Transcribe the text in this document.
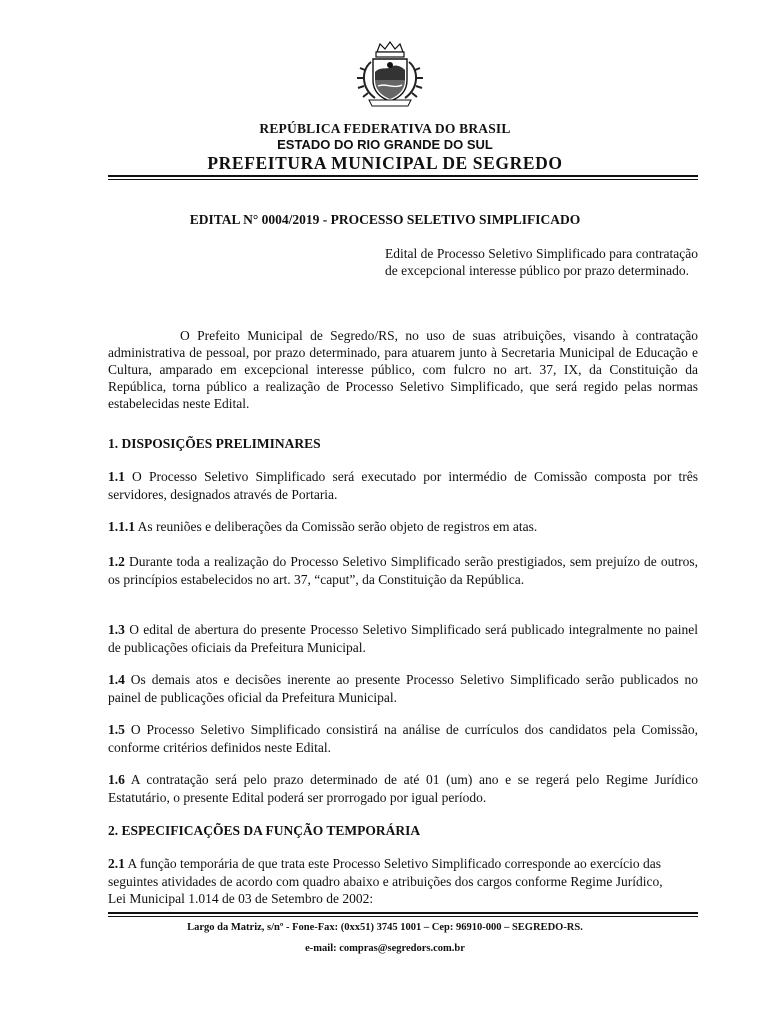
REPÚBLICA FEDERATIVA DO BRASIL
ESTADO DO RIO GRANDE DO SUL
PREFEITURA MUNICIPAL DE SEGREDO
EDITAL N° 0004/2019 - PROCESSO SELETIVO SIMPLIFICADO
Edital de Processo Seletivo Simplificado para contratação de excepcional interesse público por prazo determinado.
O Prefeito Municipal de Segredo/RS, no uso de suas atribuições, visando à contratação administrativa de pessoal, por prazo determinado, para atuarem junto à Secretaria Municipal de Educação e Cultura, amparado em excepcional interesse público, com fulcro no art. 37, IX, da Constituição da República, torna público a realização de Processo Seletivo Simplificado, que será regido pelas normas estabelecidas neste Edital.
1. DISPOSIÇÕES PRELIMINARES

1.1 O Processo Seletivo Simplificado será executado por intermédio de Comissão composta por três servidores, designados através de Portaria.

1.1.1 As reuniões e deliberações da Comissão serão objeto de registros em atas.

1.2 Durante toda a realização do Processo Seletivo Simplificado serão prestigiados, sem prejuízo de outros, os princípios estabelecidos no art. 37, “caput”, da Constituição da República.

1.3 O edital de abertura do presente Processo Seletivo Simplificado será publicado integralmente no painel de publicações oficiais da Prefeitura Municipal.

1.4 Os demais atos e decisões inerente ao presente Processo Seletivo Simplificado serão publicados no painel de publicações oficial da Prefeitura Municipal.

1.5 O Processo Seletivo Simplificado consistirá na análise de currículos dos candidatos pela Comissão, conforme critérios definidos neste Edital.

1.6 A contratação será pelo prazo determinado de até 01 (um) ano e se regerá pelo Regime Jurídico Estatutário, o presente Edital poderá ser prorrogado por igual período.

2. ESPECIFICAÇÕES DA FUNÇÃO TEMPORÁRIA

2.1 A função temporária de que trata este Processo Seletivo Simplificado corresponde ao exercício das seguintes atividades de acordo com quadro abaixo e atribuições dos cargos conforme Regime Jurídico, Lei Municipal 1.014 de 03 de Setembro de 2002:

Largo da Matriz, s/nº - Fone-Fax: (0xx51) 3745 1001 – Cep: 96910-000 – SEGREDO-RS.
e-mail: compras@segredors.com.br
